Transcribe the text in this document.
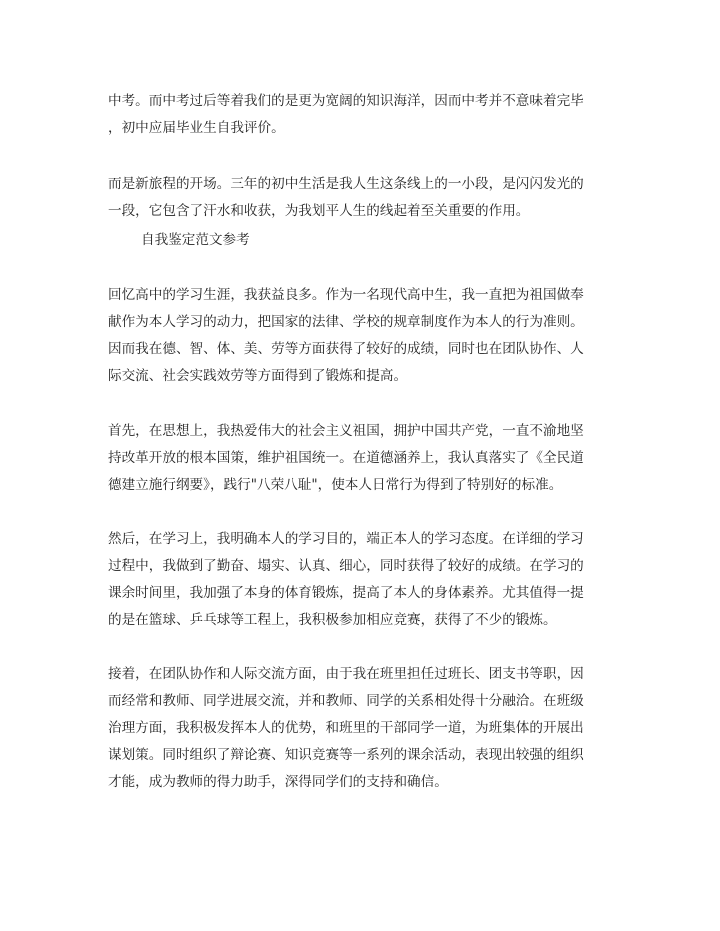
中考。而中考过后等着我们的是更为宽阔的知识海洋，因而中考并不意味着完毕
，初中应届毕业生自我评价。
而是新旅程的开场。三年的初中生活是我人生这条线上的一小段，是闪闪发光的
一段，它包含了汗水和收获，为我划平人生的线起着至关重要的作用。
自我鉴定范文参考
回忆高中的学习生涯，我获益良多。作为一名现代高中生，我一直把为祖国做奉
献作为本人学习的动力，把国家的法律、学校的规章制度作为本人的行为准则。
因而我在德、智、体、美、劳等方面获得了较好的成绩，同时也在团队协作、人
际交流、社会实践效劳等方面得到了锻炼和提高。
首先，在思想上，我热爱伟大的社会主义祖国，拥护中国共产党，一直不渝地坚
持改革开放的根本国策，维护祖国统一。在道德涵养上，我认真落实了《全民道
德建立施行纲要》，践行"八荣八耻"，使本人日常行为得到了特别好的标准。
然后，在学习上，我明确本人的学习目的，端正本人的学习态度。在详细的学习
过程中，我做到了勤奋、塌实、认真、细心，同时获得了较好的成绩。在学习的
课余时间里，我加强了本身的体育锻炼，提高了本人的身体素养。尤其值得一提
的是在篮球、乒乓球等工程上，我积极参加相应竞赛，获得了不少的锻炼。
接着，在团队协作和人际交流方面，由于我在班里担任过班长、团支书等职，因
而经常和教师、同学进展交流，并和教师、同学的关系相处得十分融洽。在班级
治理方面，我积极发挥本人的优势，和班里的干部同学一道，为班集体的开展出
谋划策。同时组织了辩论赛、知识竞赛等一系列的课余活动，表现出较强的组织
才能，成为教师的得力助手，深得同学们的支持和确信。
